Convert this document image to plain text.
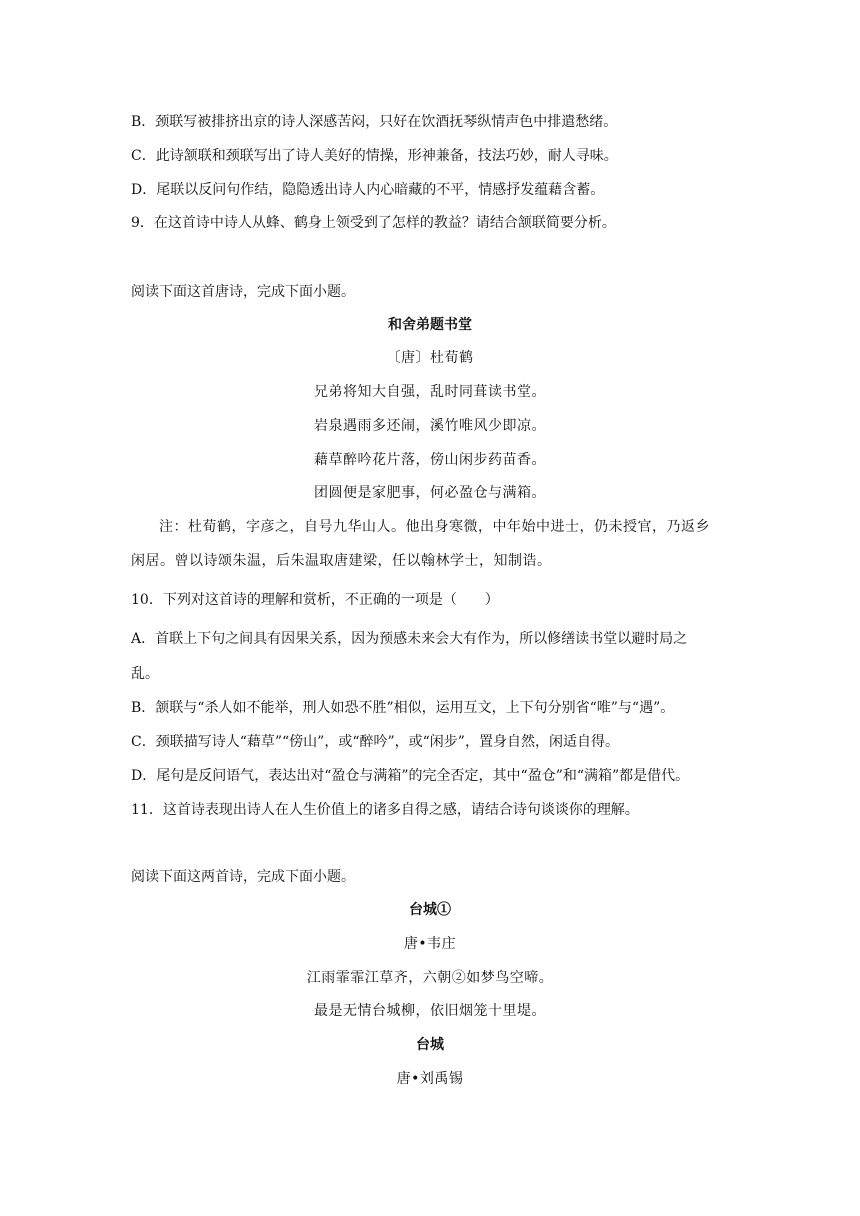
B．颈联写被排挤出京的诗人深感苦闷，只好在饮酒抚琴纵情声色中排遣愁绪。
C．此诗颔联和颈联写出了诗人美好的情操，形神兼备，技法巧妙，耐人寻味。
D．尾联以反问句作结，隐隐透出诗人内心暗藏的不平，情感抒发蕴藉含蓄。
9．在这首诗中诗人从蜂、鹤身上领受到了怎样的教益？请结合颔联简要分析。
阅读下面这首唐诗，完成下面小题。
和舍弟题书堂
〔唐〕杜荀鹤
兄弟将知大自强，乱时同葺读书堂。
岩泉遇雨多还闹，溪竹唯风少即凉。
藉草醉吟花片落，傍山闲步药苗香。
团圆便是家肥事，何必盈仓与满箱。
注：杜荀鹤，字彦之，自号九华山人。他出身寒微，中年始中进士，仍未授官，乃返乡
闲居。曾以诗颂朱温，后朱温取唐建梁，任以翰林学士，知制诰。
10．下列对这首诗的理解和赏析，不正确的一项是（　　）
A．首联上下句之间具有因果关系，因为预感未来会大有作为，所以修缮读书堂以避时局之
乱。
B．颔联与“杀人如不能举，刑人如恐不胜”相似，运用互文，上下句分别省“唯”与“遇”。
C．颈联描写诗人“藉草”“傍山”，或“醉吟”，或“闲步”，置身自然，闲适自得。
D．尾句是反问语气，表达出对“盈仓与满箱”的完全否定，其中“盈仓”和“满箱”都是借代。
11．这首诗表现出诗人在人生价值上的诸多自得之感，请结合诗句谈谈你的理解。
阅读下面这两首诗，完成下面小题。
台城①
唐•韦庄
江雨霏霏江草齐，六朝②如梦鸟空啼。
最是无情台城柳，依旧烟笼十里堤。
台城
唐•刘禹锡
